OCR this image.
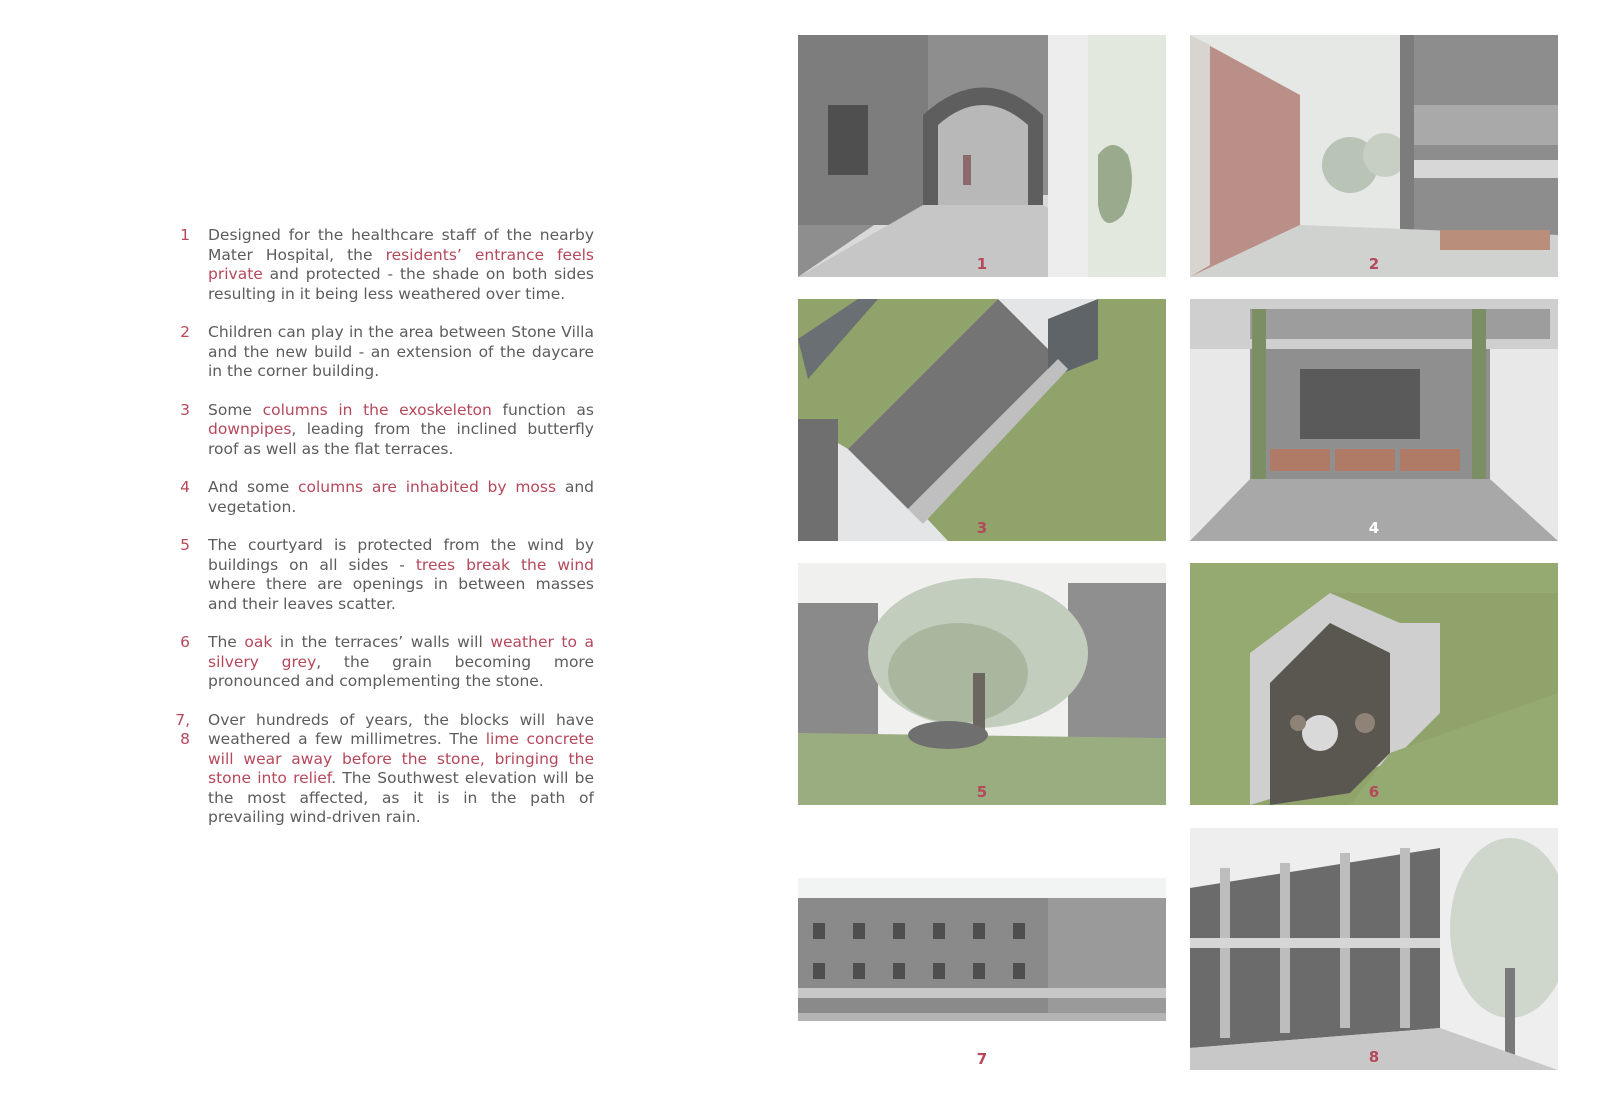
1	Designed for the healthcare staff of the nearby Mater Hospital, the residents’ entrance feels private and protected - the shade on both sides resulting in it being less weathered over time.
2	Children can play in the area between Stone Villa and the new build - an extension of the daycare in the corner building.
3	Some columns in the exoskeleton function as downpipes, leading from the inclined butterfly roof as well as the flat terraces.
4	And some columns are inhabited by moss and vegetation.
5	The courtyard is protected from the wind by buildings on all sides - trees break the wind where there are openings in between masses and their leaves scatter.
6	The oak in the terraces’ walls will weather to a silvery grey, the grain becoming more pronounced and complementing the stone.
7, 8
Over hundreds of years, the blocks will have weathered a few millimetres. The lime concrete will wear away before the stone, bringing the stone into relief. The Southwest elevation will be the most affected, as it is in the path of prevailing wind-driven rain.
1	2
3	4
5	6
7	8
